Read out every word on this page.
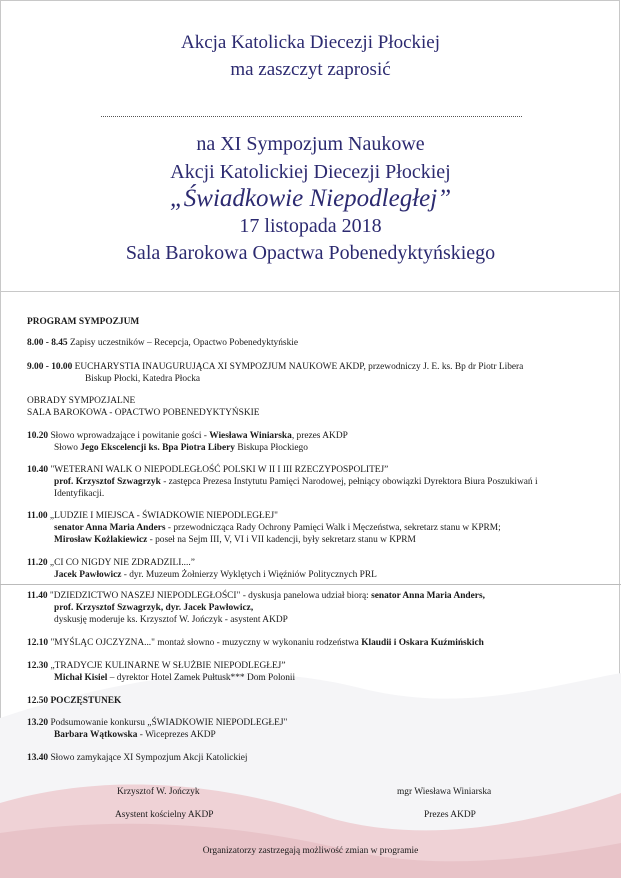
Akcja Katolicka Diecezji Płockiej
ma zaszczyt zaprosić
na XI Sympozjum Naukowe
Akcji Katolickiej Diecezji Płockiej
„Świadkowie Niepodległej”
17 listopada 2018
Sala Barokowa Opactwa Pobenedyktyńskiego
PROGRAM SYMPOZJUM
8.00 - 8.45 Zapisy uczestników – Recepcja, Opactwo Pobenedyktyńskie
9.00 - 10.00 EUCHARYSTIA INAUGURUJĄCA XI SYMPOZJUM NAUKOWE AKDP, przewodniczy J. E. ks. Bp dr Piotr Libera
Biskup Płocki, Katedra Płocka
OBRADY SYMPOZJALNE
SALA BAROKOWA - OPACTWO POBENEDYKTYŃSKIE
10.20 Słowo wprowadzające i powitanie gości - Wiesława Winiarska, prezes AKDP
Słowo Jego Ekscelencji ks. Bpa Piotra Libery Biskupa Płockiego
10.40 "WETERANI WALK O NIEPODLEGŁOŚĆ POLSKI W II I III RZECZYPOSPOLITEJ”
prof. Krzysztof Szwagrzyk - zastępca Prezesa Instytutu Pamięci Narodowej, pełniący obowiązki Dyrektora Biura Poszukiwań i
Identyfikacji.
11.00 „LUDZIE I MIEJSCA - ŚWIADKOWIE NIEPODLEGŁEJ"
senator Anna Maria Anders - przewodnicząca Rady Ochrony Pamięci Walk i Męczeństwa, sekretarz stanu w KPRM;
Mirosław Kożlakiewicz - poseł na Sejm III, V, VI i VII kadencji, były sekretarz stanu w KPRM
11.20 „CI CO NIGDY NIE ZDRADZILI....”
Jacek Pawłowicz - dyr. Muzeum Żołnierzy Wyklętych i Więźniów Politycznych PRL
11.40 "DZIEDZICTWO NASZEJ NIEPODLEGŁOŚCI" - dyskusja panelowa udział biorą: senator Anna Maria Anders,
prof. Krzysztof Szwagrzyk, dyr. Jacek Pawłowicz,
dyskusję moderuje ks. Krzysztof W. Jończyk - asystent AKDP
12.10 "MYŚLĄC OJCZYZNA..." montaż słowno - muzyczny w wykonaniu rodzeństwa Klaudii i Oskara Kuźmińskich
12.30 „TRADYCJE KULINARNE W SŁUŻBIE NIEPODLEGŁEJ”
Michał Kisiel – dyrektor Hotel Zamek Pułtusk*** Dom Polonii
12.50 POCZĘSTUNEK
13.20 Podsumowanie konkursu „ŚWIADKOWIE NIEPODLEGŁEJ"
Barbara Wątkowska - Wiceprezes AKDP
13.40 Słowo zamykające XI Sympozjum Akcji Katolickiej
Krzysztof W. Jończyk
Asystent kościelny AKDP
mgr Wiesława Winiarska
Prezes AKDP
Organizatorzy zastrzegają możliwość zmian w programie
